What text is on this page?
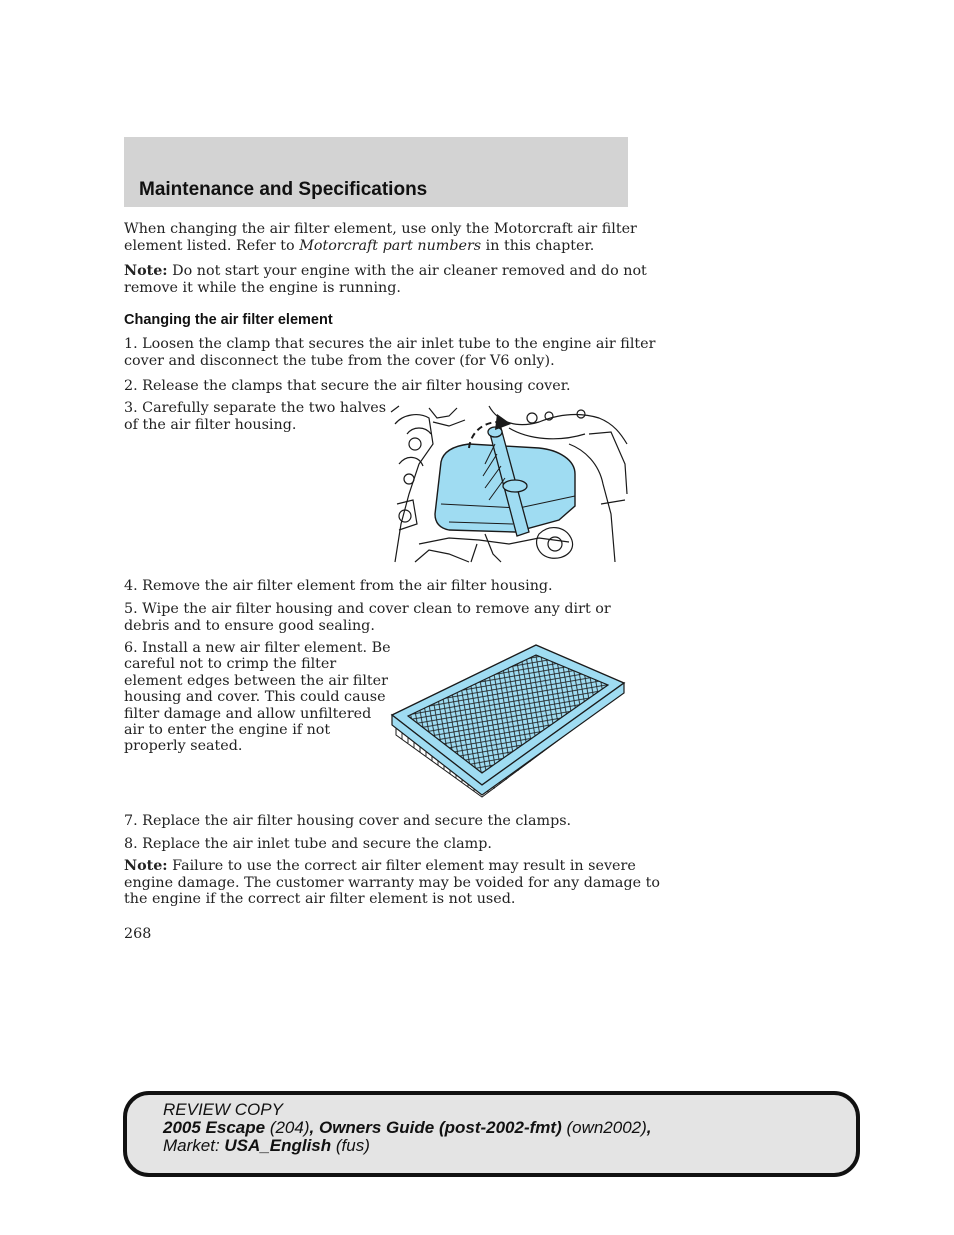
Maintenance and Specifications
When changing the air filter element, use only the Motorcraft air filter
element listed. Refer to Motorcraft part numbers in this chapter.
Note: Do not start your engine with the air cleaner removed and do not
remove it while the engine is running.
Changing the air filter element
1. Loosen the clamp that secures the air inlet tube to the engine air filter
cover and disconnect the tube from the cover (for V6 only).
2. Release the clamps that secure the air filter housing cover.
3. Carefully separate the two halves
of the air filter housing.
4. Remove the air filter element from the air filter housing.
5. Wipe the air filter housing and cover clean to remove any dirt or
debris and to ensure good sealing.
6. Install a new air filter element. Be
careful not to crimp the filter
element edges between the air filter
housing and cover. This could cause
filter damage and allow unfiltered
air to enter the engine if not
properly seated.
7. Replace the air filter housing cover and secure the clamps.
8. Replace the air inlet tube and secure the clamp.
Note: Failure to use the correct air filter element may result in severe
engine damage. The customer warranty may be voided for any damage to
the engine if the correct air filter element is not used.
268
REVIEW COPY
2005 Escape (204), Owners Guide (post-2002-fmt) (own2002),
Market: USA_English (fus)
